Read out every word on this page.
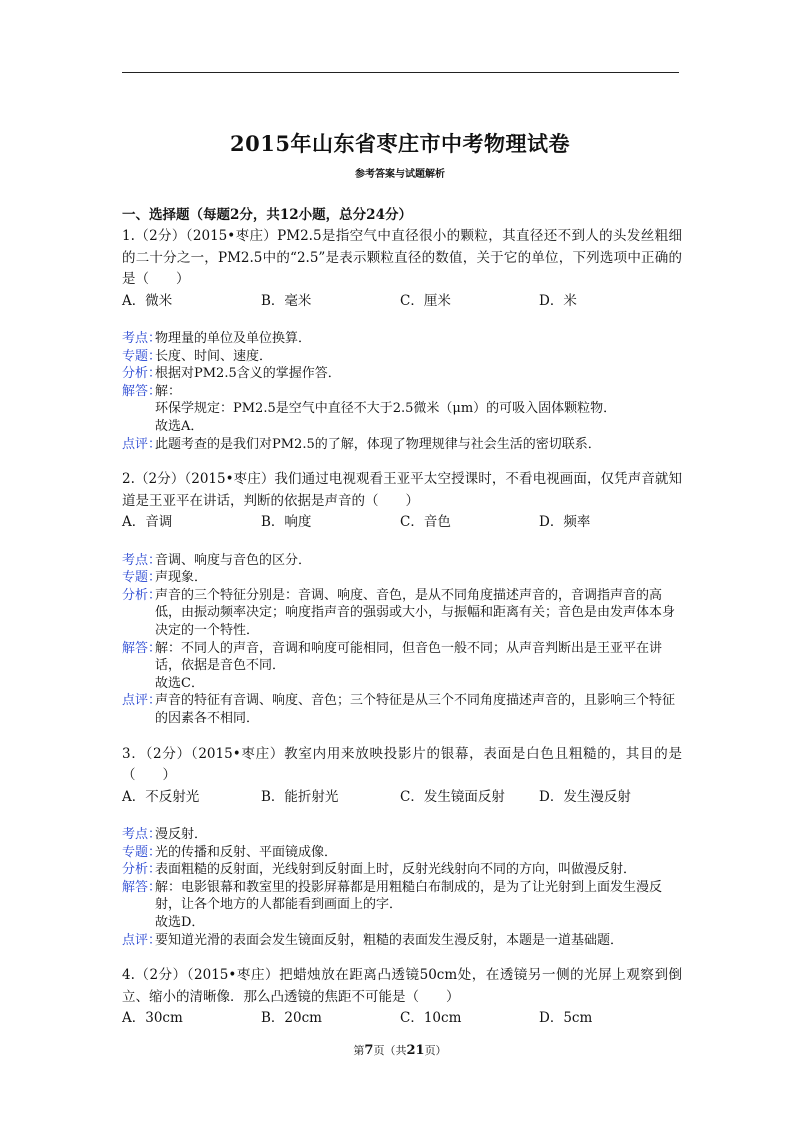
2015年山东省枣庄市中考物理试卷
参考答案与试题解析
一、选择题（每题2分，共12小题，总分24分）

1.（2分）（2015•枣庄）PM2.5是指空气中直径很小的颗粒，其直径还不到人的头发丝粗细的二十分之一，PM2.5中的“2.5”是表示颗粒直径的数值，关于它的单位，下列选项中正确的是（　　）

A．微米	B．毫米	C．厘米	D．米
考点：

物理量的单位及单位换算．

专题：

长度、时间、速度．

分析：

根据对PM2.5含义的掌握作答．

解答：

解：

环保学规定：PM2.5是空气中直径不大于2.5微米（μm）的可吸入固体颗粒物．

故选A．

点评：

此题考查的是我们对PM2.5的了解，体现了物理规律与社会生活的密切联系．

2.（2分）（2015•枣庄）我们通过电视观看王亚平太空授课时，不看电视画面，仅凭声音就知道是王亚平在讲话，判断的依据是声音的（　　）

A．音调	B．响度	C．音色	D．频率
考点：

音调、响度与音色的区分．

专题：

声现象．

分析：

声音的三个特征分别是：音调、响度、音色，是从不同角度描述声音的，音调指声音的高低，由振动频率决定；响度指声音的强弱或大小，与振幅和距离有关；音色是由发声体本身决定的一个特性．

解答：

解：不同人的声音，音调和响度可能相同，但音色一般不同；从声音判断出是王亚平在讲话，依据是音色不同．

故选C．

点评：

声音的特征有音调、响度、音色；三个特征是从三个不同角度描述声音的，且影响三个特征的因素各不相同．

3．（2分）（2015•枣庄）教室内用来放映投影片的银幕，表面是白色且粗糙的，其目的是（　　）

A．不反射光	B．能折射光	C．发生镜面反射	D．发生漫反射
考点：

漫反射．

专题：

光的传播和反射、平面镜成像．

分析：

表面粗糙的反射面，光线射到反射面上时，反射光线射向不同的方向，叫做漫反射．

解答：

解：电影银幕和教室里的投影屏幕都是用粗糙白布制成的，是为了让光射到上面发生漫反射，让各个地方的人都能看到画面上的字．

故选D．

点评：

要知道光滑的表面会发生镜面反射，粗糙的表面发生漫反射，本题是一道基础题．

4.（2分）（2015•枣庄）把蜡烛放在距离凸透镜50cm处，在透镜另一侧的光屏上观察到倒立、缩小的清晰像．那么凸透镜的焦距不可能是（　　）

A．30cm	B．20cm	C．10cm	D．5cm
第7页（共21页）
